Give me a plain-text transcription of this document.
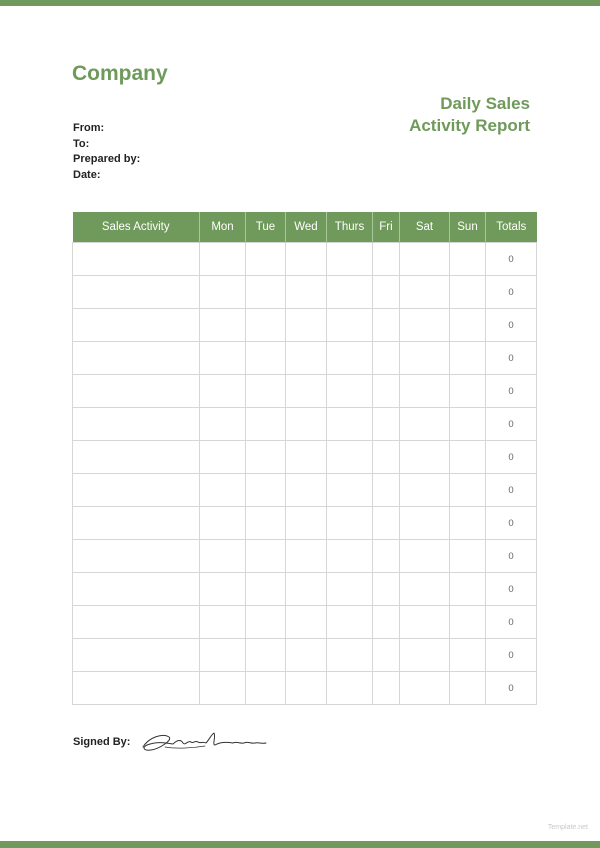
Company
Daily Sales
Activity Report
From:
To:
Prepared by:
Date:
Sales Activity	Mon	Tue	Wed	Thurs	Fri	Sat	Sun	Totals
								0
								0
								0
								0
								0
								0
								0
								0
								0
								0
								0
								0
								0
								0
Signed By:
Template.net
